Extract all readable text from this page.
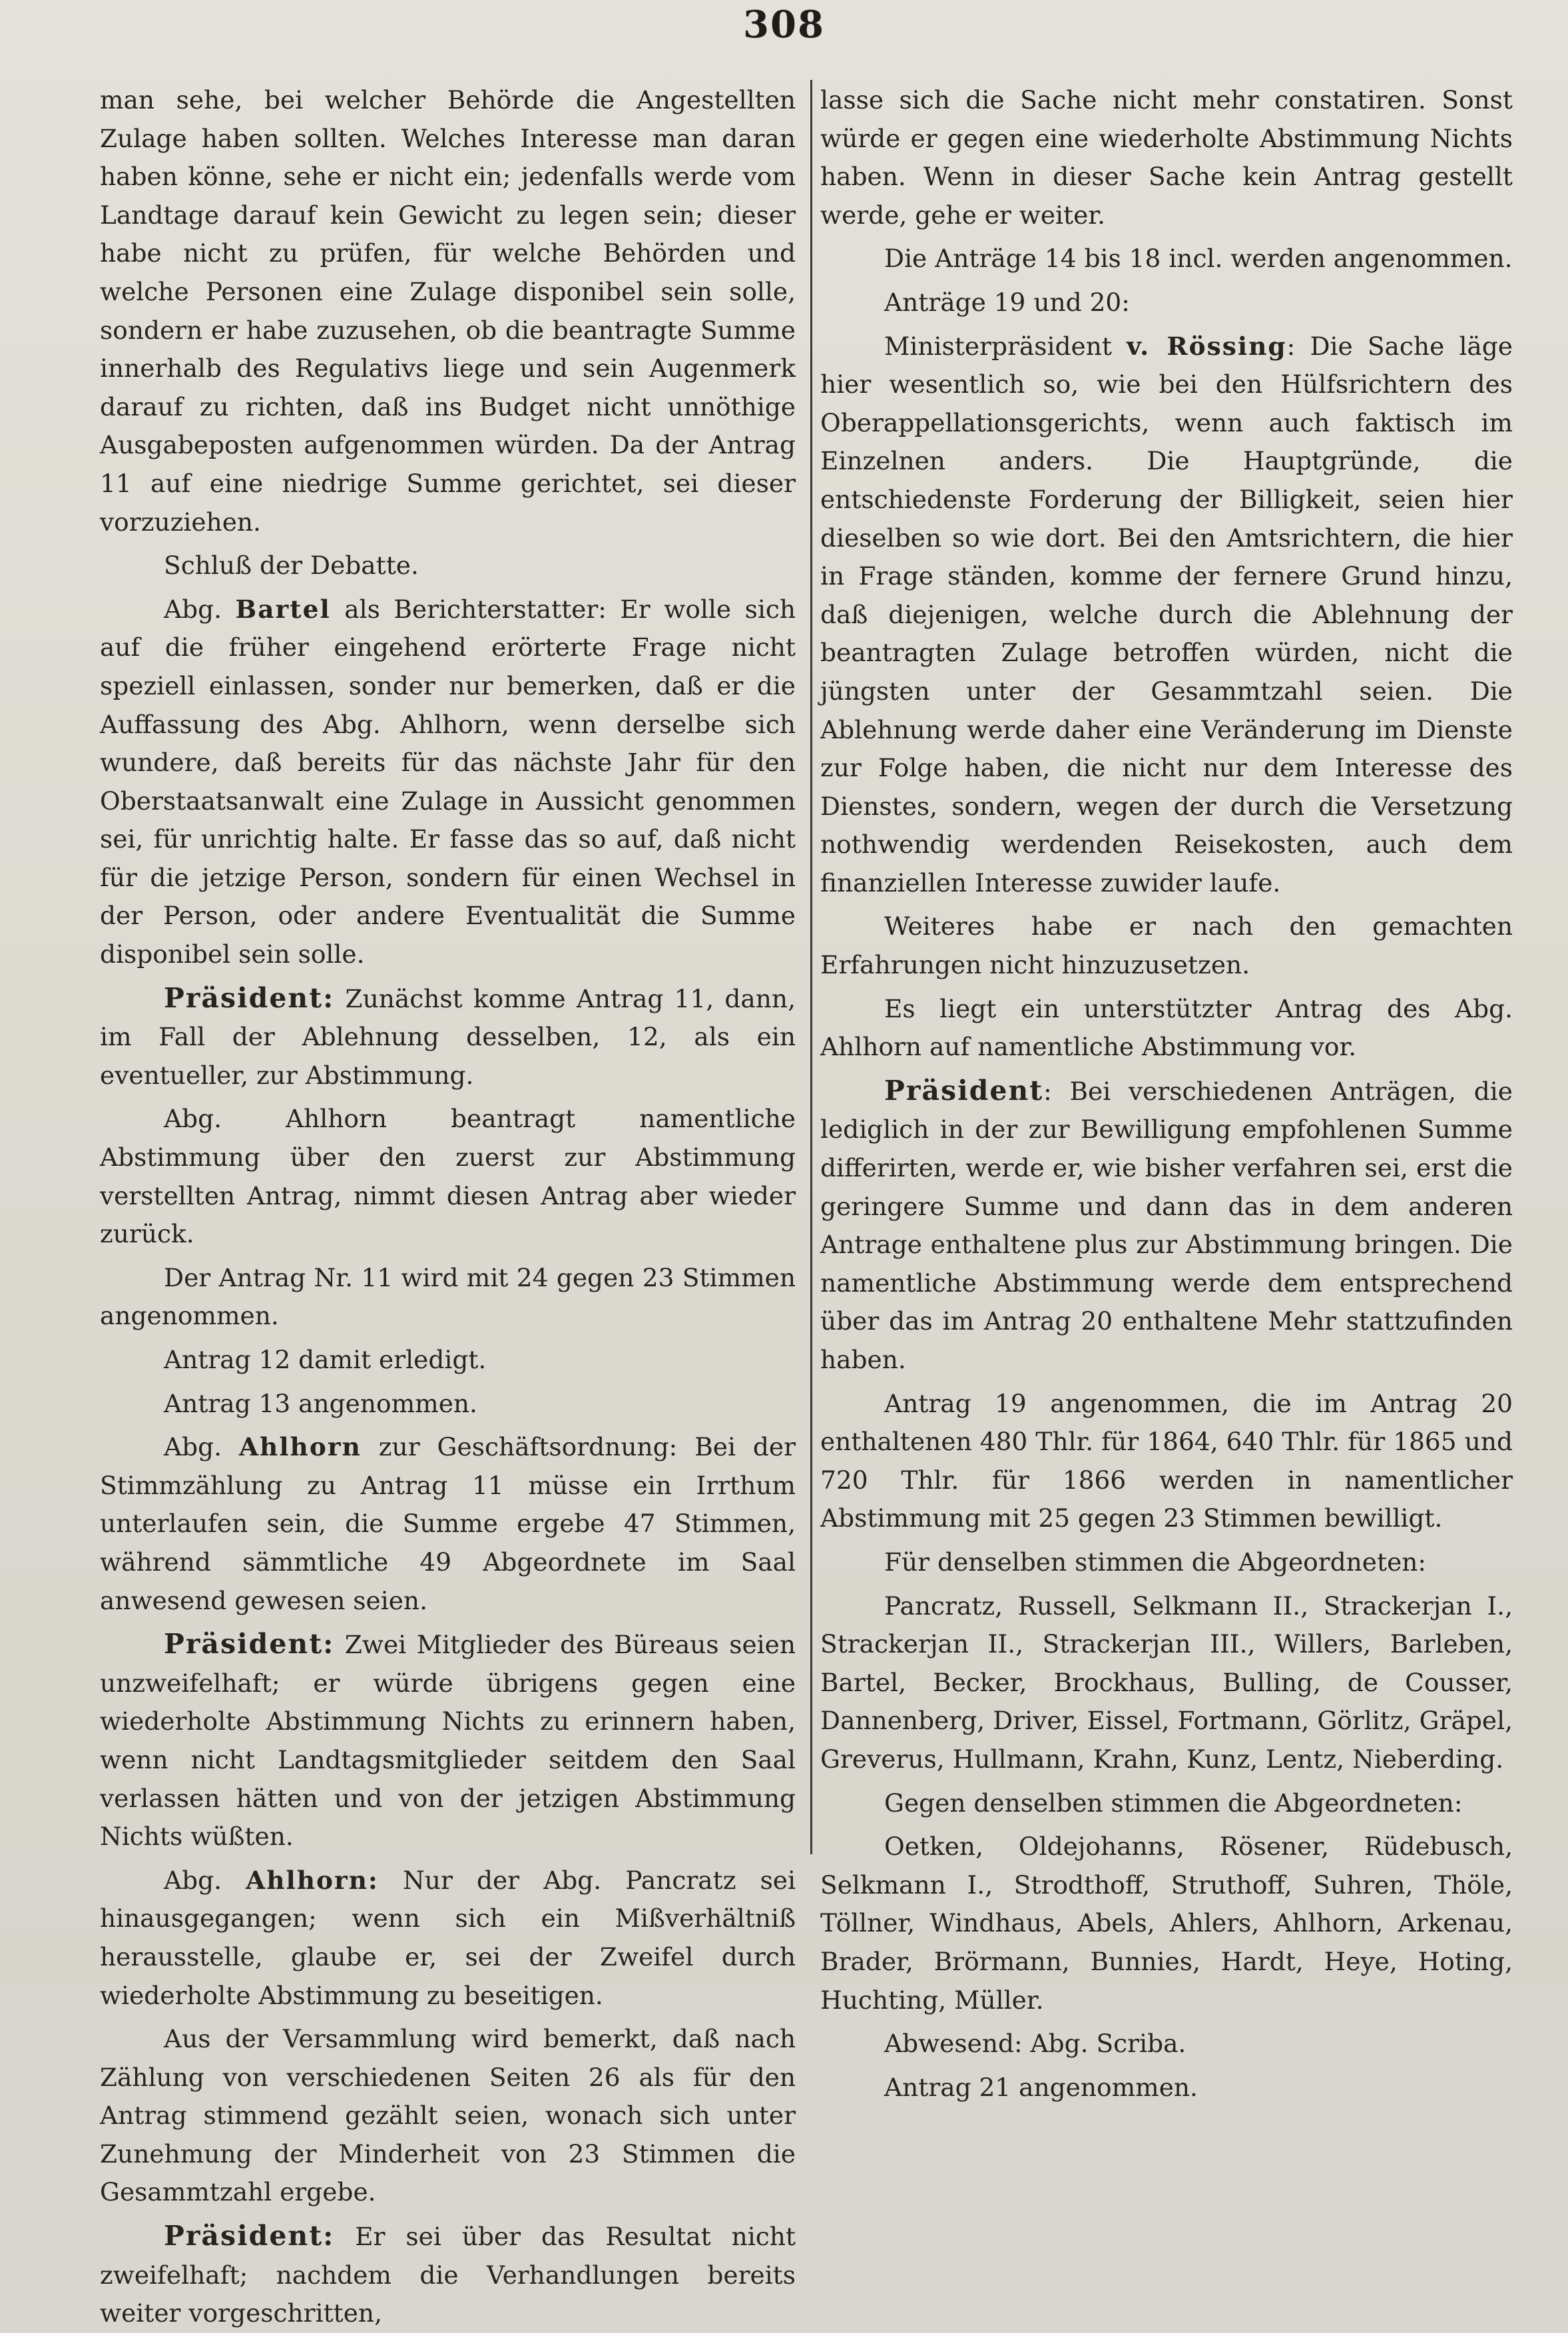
308

man sehe, bei welcher Behörde die Angestellten Zulage haben sollten. Welches Interesse man daran haben könne, sehe er nicht ein; jedenfalls werde vom Landtage darauf kein Gewicht zu legen sein; dieser habe nicht zu prüfen, für welche Behörden und welche Personen eine Zulage disponibel sein solle, sondern er habe zuzusehen, ob die beantragte Summe innerhalb des Regulativs liege und sein Augenmerk darauf zu richten, daß ins Budget nicht unnöthige Ausgabeposten aufgenommen würden. Da der Antrag 11 auf eine niedrige Summe gerichtet, sei dieser vorzuziehen.

Schluß der Debatte.

Abg. Bartel als Berichterstatter: Er wolle sich auf die früher eingehend erörterte Frage nicht speziell einlassen, sonder nur bemerken, daß er die Auffassung des Abg. Ahlhorn, wenn derselbe sich wundere, daß bereits für das nächste Jahr für den Oberstaatsanwalt eine Zulage in Aussicht genommen sei, für unrichtig halte. Er fasse das so auf, daß nicht für die jetzige Person, sondern für einen Wechsel in der Person, oder andere Eventualität die Summe disponibel sein solle.

Präsident: Zunächst komme Antrag 11, dann, im Fall der Ablehnung desselben, 12, als ein eventueller, zur Abstimmung.

Abg. Ahlhorn beantragt namentliche Abstimmung über den zuerst zur Abstimmung verstellten Antrag, nimmt diesen Antrag aber wieder zurück.

Der Antrag Nr. 11 wird mit 24 gegen 23 Stimmen angenommen.

Antrag 12 damit erledigt.

Antrag 13 angenommen.

Abg. Ahlhorn zur Geschäftsordnung: Bei der Stimmzählung zu Antrag 11 müsse ein Irrthum unterlaufen sein, die Summe ergebe 47 Stimmen, während sämmtliche 49 Abgeordnete im Saal anwesend gewesen seien.

Präsident: Zwei Mitglieder des Büreaus seien unzweifelhaft; er würde übrigens gegen eine wiederholte Abstimmung Nichts zu erinnern haben, wenn nicht Landtagsmitglieder seitdem den Saal verlassen hätten und von der jetzigen Abstimmung Nichts wüßten.

Abg. Ahlhorn: Nur der Abg. Pancratz sei hinausgegangen; wenn sich ein Mißverhältniß herausstelle, glaube er, sei der Zweifel durch wiederholte Abstimmung zu beseitigen.

Aus der Versammlung wird bemerkt, daß nach Zählung von verschiedenen Seiten 26 als für den Antrag stimmend gezählt seien, wonach sich unter Zunehmung der Minderheit von 23 Stimmen die Gesammtzahl ergebe.

Präsident: Er sei über das Resultat nicht zweifelhaft; nachdem die Verhandlungen bereits weiter vorgeschritten,

lasse sich die Sache nicht mehr constatiren. Sonst würde er gegen eine wiederholte Abstimmung Nichts haben. Wenn in dieser Sache kein Antrag gestellt werde, gehe er weiter.

Die Anträge 14 bis 18 incl. werden angenommen.

Anträge 19 und 20:

Ministerpräsident v. Rössing: Die Sache läge hier wesentlich so, wie bei den Hülfsrichtern des Oberappellationsgerichts, wenn auch faktisch im Einzelnen anders. Die Hauptgründe, die entschiedenste Forderung der Billigkeit, seien hier dieselben so wie dort. Bei den Amtsrichtern, die hier in Frage ständen, komme der fernere Grund hinzu, daß diejenigen, welche durch die Ablehnung der beantragten Zulage betroffen würden, nicht die jüngsten unter der Gesammtzahl seien. Die Ablehnung werde daher eine Veränderung im Dienste zur Folge haben, die nicht nur dem Interesse des Dienstes, sondern, wegen der durch die Versetzung nothwendig werdenden Reisekosten, auch dem finanziellen Interesse zuwider laufe.

Weiteres habe er nach den gemachten Erfahrungen nicht hinzuzusetzen.

Es liegt ein unterstützter Antrag des Abg. Ahlhorn auf namentliche Abstimmung vor.

Präsident: Bei verschiedenen Anträgen, die lediglich in der zur Bewilligung empfohlenen Summe differirten, werde er, wie bisher verfahren sei, erst die geringere Summe und dann das in dem anderen Antrage enthaltene plus zur Abstimmung bringen. Die namentliche Abstimmung werde dem entsprechend über das im Antrag 20 enthaltene Mehr stattzufinden haben.

Antrag 19 angenommen, die im Antrag 20 enthaltenen 480 Thlr. für 1864, 640 Thlr. für 1865 und 720 Thlr. für 1866 werden in namentlicher Abstimmung mit 25 gegen 23 Stimmen bewilligt.

Für denselben stimmen die Abgeordneten:

Pancratz, Russell, Selkmann II., Strackerjan I., Strackerjan II., Strackerjan III., Willers, Barleben, Bartel, Becker, Brockhaus, Bulling, de Cousser, Dannenberg, Driver, Eissel, Fortmann, Görlitz, Gräpel, Greverus, Hullmann, Krahn, Kunz, Lentz, Nieberding.

Gegen denselben stimmen die Abgeordneten:

Oetken, Oldejohanns, Rösener, Rüdebusch, Selkmann I., Strodthoff, Struthoff, Suhren, Thöle, Töllner, Windhaus, Abels, Ahlers, Ahlhorn, Arkenau, Brader, Brörmann, Bunnies, Hardt, Heye, Hoting, Huchting, Müller.

Abwesend: Abg. Scriba.

Antrag 21 angenommen.
